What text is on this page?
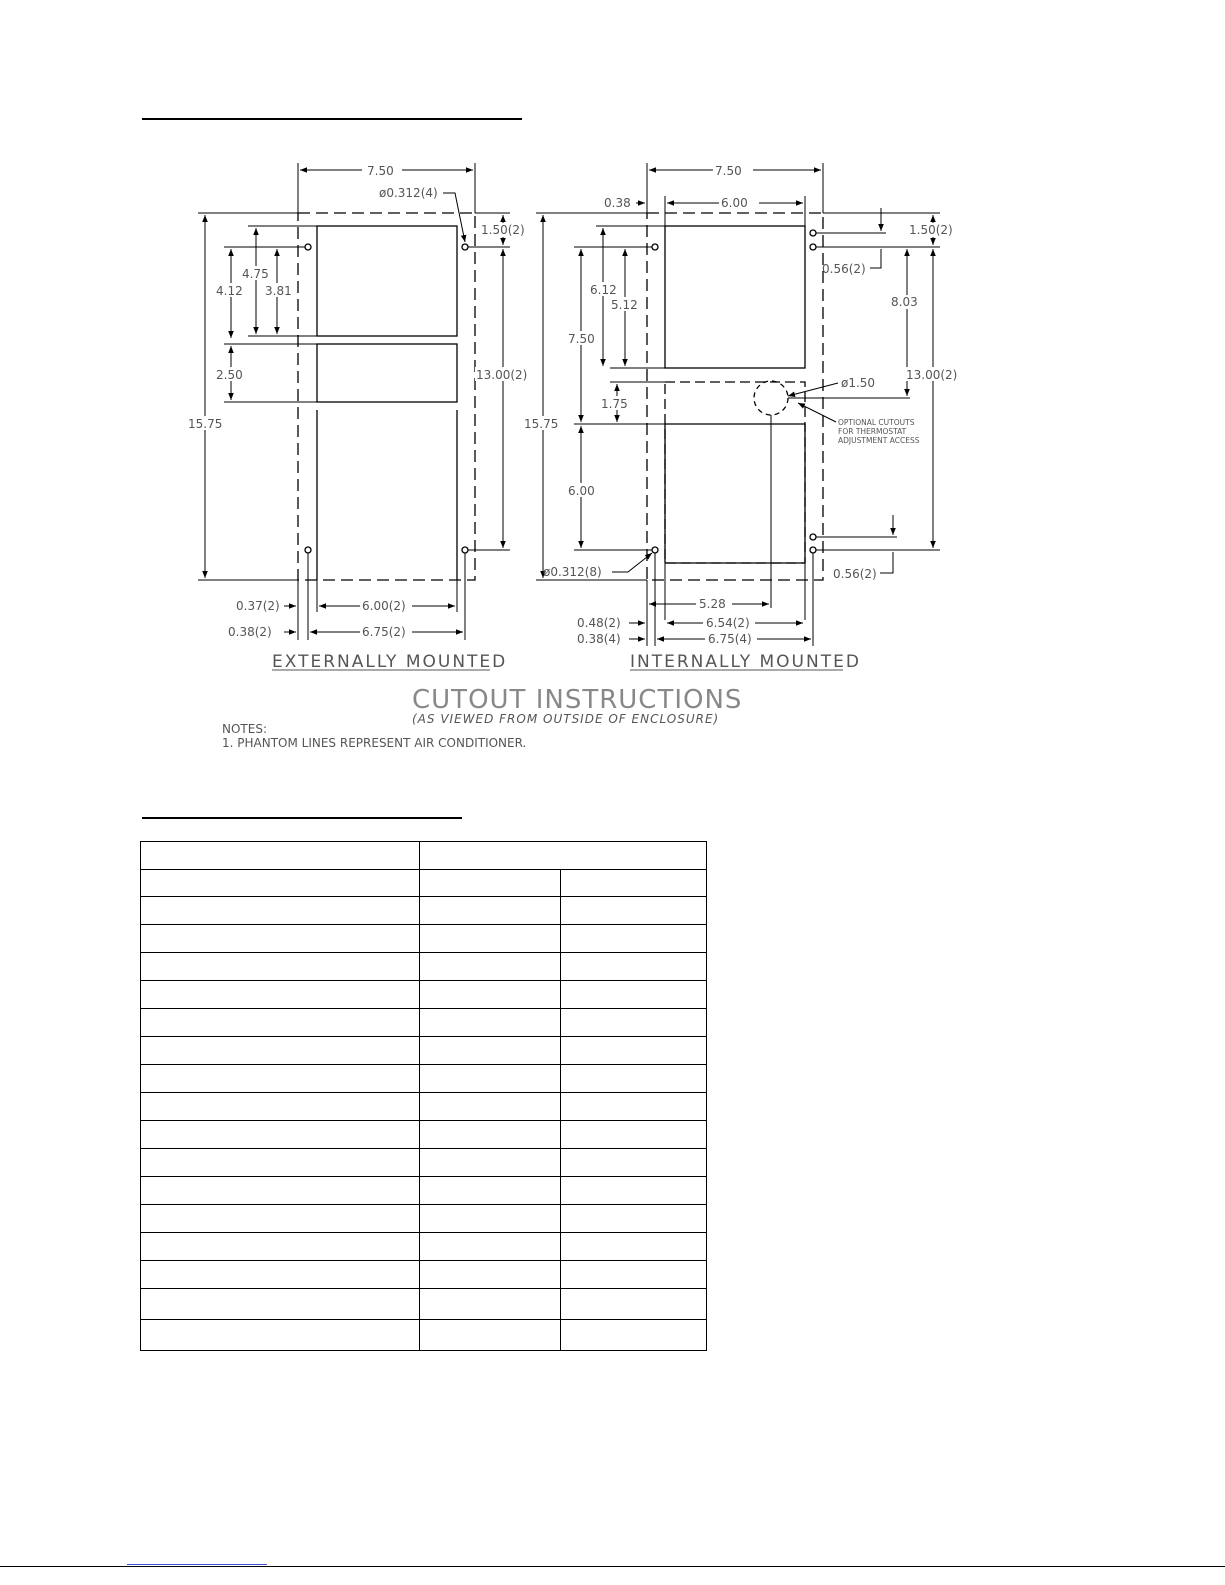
7.50
ø0.312(4)
1.50(2)
4.75
4.12 3.81
2.50
15.75
13.00(2)
0.37(2)	6.00(2)
0.38(2)	6.75(2)
EXTERNALLY MOUNTED
7.50
0.38	6.00
1.50(2)
0.56(2)
6.12
5.12	8.03
7.50
ø1.50
13.00(2)
1.75
OPTIONAL CUTOUTS
FOR THERMOSTAT
ADJUSTMENT ACCESS
15.75
6.00
ø0.312(8)	0.56(2)
5.28
0.48(2)	6.54(2)
0.38(4)	6.75(4)
INTERNALLY MOUNTED
CUTOUT INSTRUCTIONS
(AS VIEWED FROM OUTSIDE OF ENCLOSURE)
NOTES:
1. PHANTOM LINES REPRESENT AIR CONDITIONER.
